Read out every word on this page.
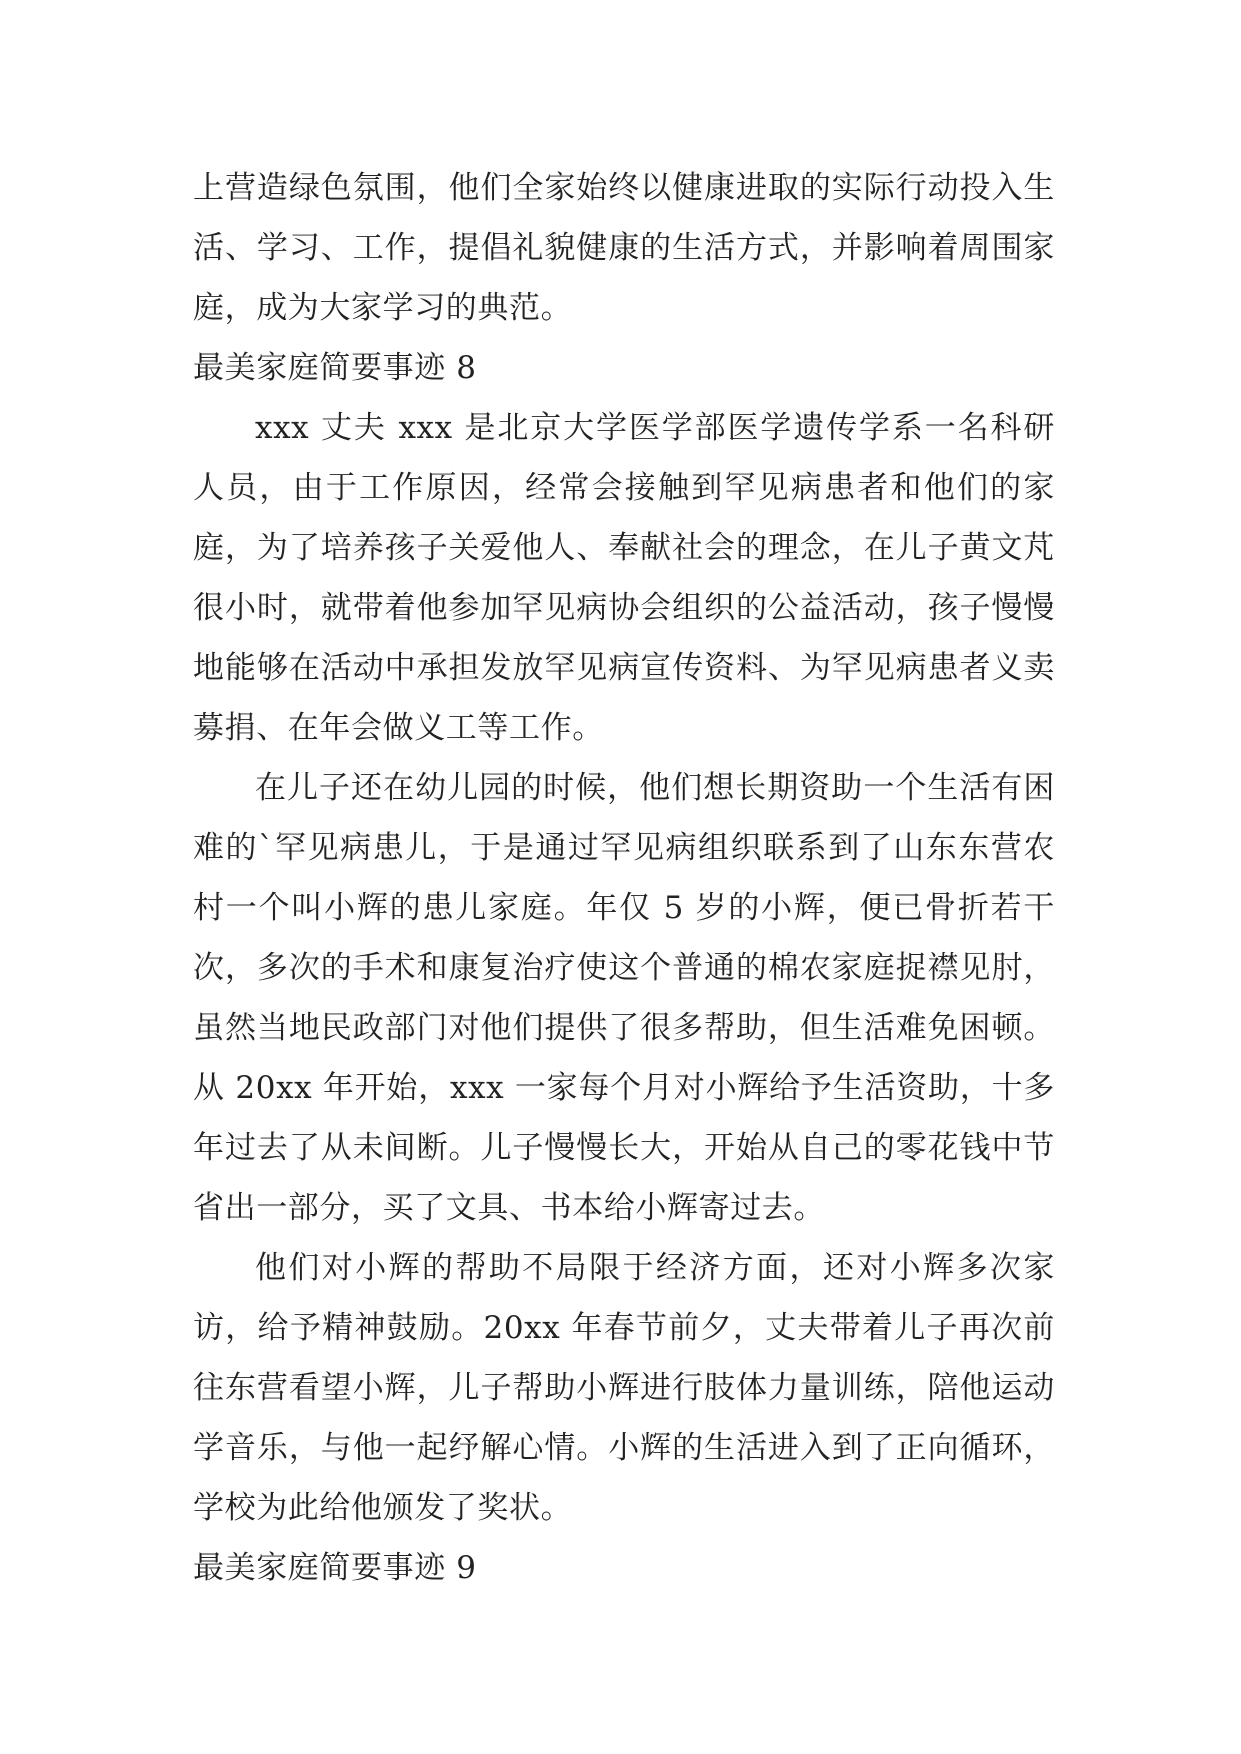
上营造绿色氛围，他们全家始终以健康进取的实际行动投入生活、学习、工作，提倡礼貌健康的生活方式，并影响着周围家庭，成为大家学习的典范。

最美家庭简要事迹 8

xxx 丈夫 xxx 是北京大学医学部医学遗传学系一名科研人员，由于工作原因，经常会接触到罕见病患者和他们的家庭，为了培养孩子关爱他人、奉献社会的理念，在儿子黄文芃很小时，就带着他参加罕见病协会组织的公益活动，孩子慢慢地能够在活动中承担发放罕见病宣传资料、为罕见病患者义卖募捐、在年会做义工等工作。

在儿子还在幼儿园的时候，他们想长期资助一个生活有困难的`罕见病患儿，于是通过罕见病组织联系到了山东东营农村一个叫小辉的患儿家庭。年仅 5 岁的小辉，便已骨折若干次，多次的手术和康复治疗使这个普通的棉农家庭捉襟见肘，虽然当地民政部门对他们提供了很多帮助，但生活难免困顿。从 20xx 年开始，xxx 一家每个月对小辉给予生活资助，十多年过去了从未间断。儿子慢慢长大，开始从自己的零花钱中节省出一部分，买了文具、书本给小辉寄过去。

他们对小辉的帮助不局限于经济方面，还对小辉多次家访，给予精神鼓励。20xx 年春节前夕，丈夫带着儿子再次前往东营看望小辉，儿子帮助小辉进行肢体力量训练，陪他运动学音乐，与他一起纾解心情。小辉的生活进入到了正向循环，学校为此给他颁发了奖状。

最美家庭简要事迹 9
